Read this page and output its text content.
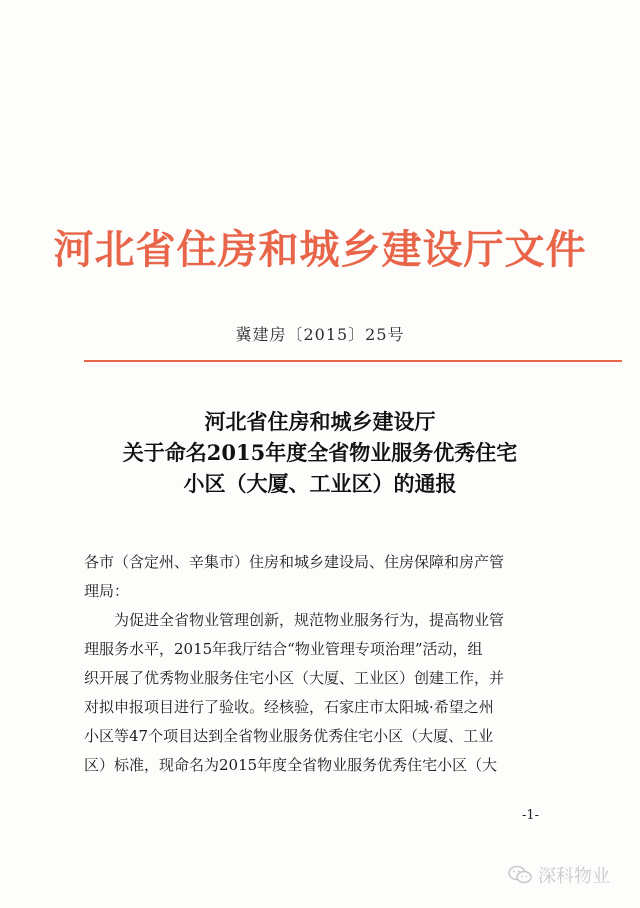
河北省住房和城乡建设厅文件
冀建房〔2015〕25号
河北省住房和城乡建设厅
关于命名2015年度全省物业服务优秀住宅
小区（大厦、工业区）的通报
各市（含定州、辛集市）住房和城乡建设局、住房保障和房产管
理局：
　　为促进全省物业管理创新，规范物业服务行为，提高物业管
理服务水平，2015年我厅结合“物业管理专项治理”活动，组
织开展了优秀物业服务住宅小区（大厦、工业区）创建工作，并
对拟申报项目进行了验收。经核验，石家庄市太阳城·希望之州
小区等47个项目达到全省物业服务优秀住宅小区（大厦、工业
区）标准，现命名为2015年度全省物业服务优秀住宅小区（大
-1-
深科物业
